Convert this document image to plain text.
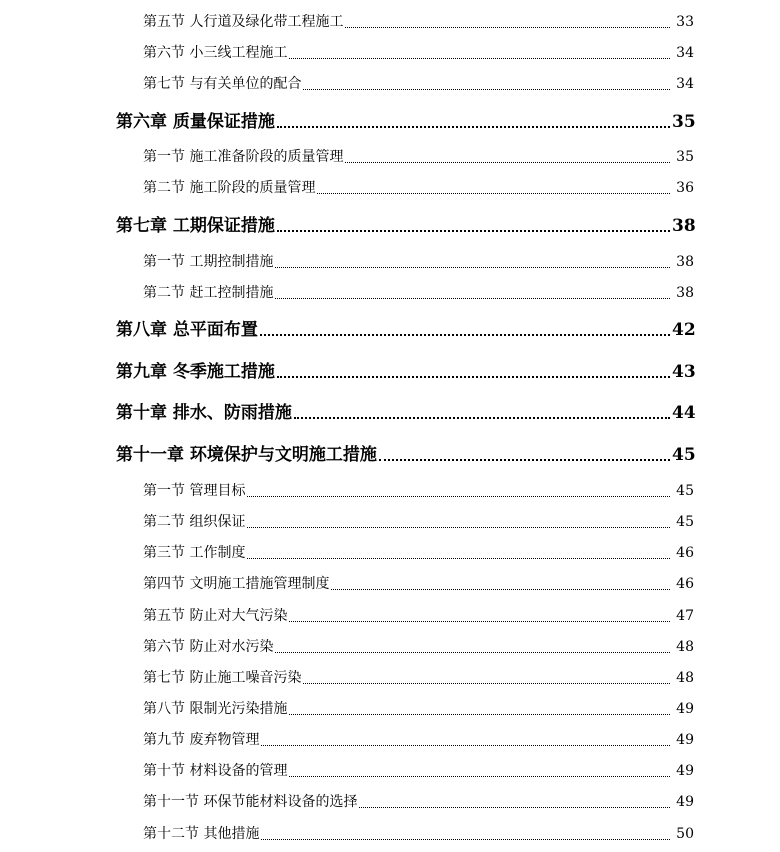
第五节 人行道及绿化带工程施工	33
第六节 小三线工程施工	34
第七节 与有关单位的配合	34
第六章 质量保证措施	35
第一节 施工准备阶段的质量管理	35
第二节 施工阶段的质量管理	36
第七章 工期保证措施	38
第一节 工期控制措施	38
第二节 赶工控制措施	38
第八章 总平面布置	42
第九章 冬季施工措施	43
第十章 排水、防雨措施	44
第十一章 环境保护与文明施工措施	45
第一节 管理目标	45
第二节 组织保证	45
第三节 工作制度	46
第四节 文明施工措施管理制度	46
第五节 防止对大气污染	47
第六节 防止对水污染	48
第七节 防止施工噪音污染	48
第八节 限制光污染措施	49
第九节 废弃物管理	49
第十节 材料设备的管理	49
第十一节 环保节能材料设备的选择	49
第十二节 其他措施	50
